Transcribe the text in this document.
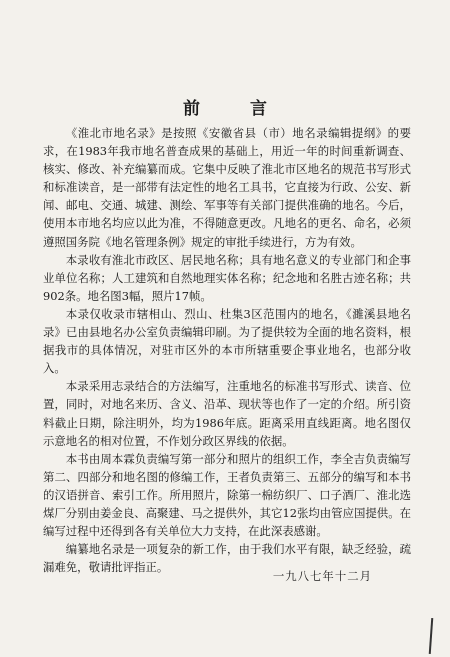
前 言

《淮北市地名录》是按照《安徽省县（市）地名录编辑提纲》的要求，在1983年我市地名普查成果的基础上，用近一年的时间重新调查、核实、修改、补充编纂而成。它集中反映了淮北市区地名的规范书写形式和标准读音，是一部带有法定性的地名工具书，它直接为行政、公安、新闻、邮电、交通、城建、测绘、军事等有关部门提供准确的地名。今后，使用本市地名均应以此为准，不得随意更改。凡地名的更名、命名，必须遵照国务院《地名管理条例》规定的审批手续进行，方为有效。

本录收有淮北市政区、居民地名称；具有地名意义的专业部门和企事业单位名称；人工建筑和自然地理实体名称；纪念地和名胜古迹名称；共902条。地名图3幅，照片17帧。

本录仅收录市辖相山、烈山、杜集3区范围内的地名，《濉溪县地名录》已由县地名办公室负责编辑印刷。为了提供较为全面的地名资料，根据我市的具体情况，对驻市区外的本市所辖重要企事业地名，也部分收入。

本录采用志录结合的方法编写，注重地名的标准书写形式、读音、位置，同时，对地名来历、含义、沿革、现状等也作了一定的介绍。所引资料截止日期，除注明外，均为1986年底。距离采用直线距离。地名图仅示意地名的相对位置，不作划分政区界线的依据。

本书由周本霖负责编写第一部分和照片的组织工作，李全吉负责编写第二、四部分和地名图的修编工作，王者负责第三、五部分的编写和本书的汉语拼音、索引工作。所用照片，除第一棉纺织厂、口子酒厂、淮北选煤厂分别由姜金良、高聚建、马之提供外，其它12张均由管应国提供。在编写过程中还得到各有关单位大力支持，在此深表感谢。

编纂地名录是一项复杂的新工作，由于我们水平有限，缺乏经验，疏漏难免，敬请批评指正。

一九八七年十二月
